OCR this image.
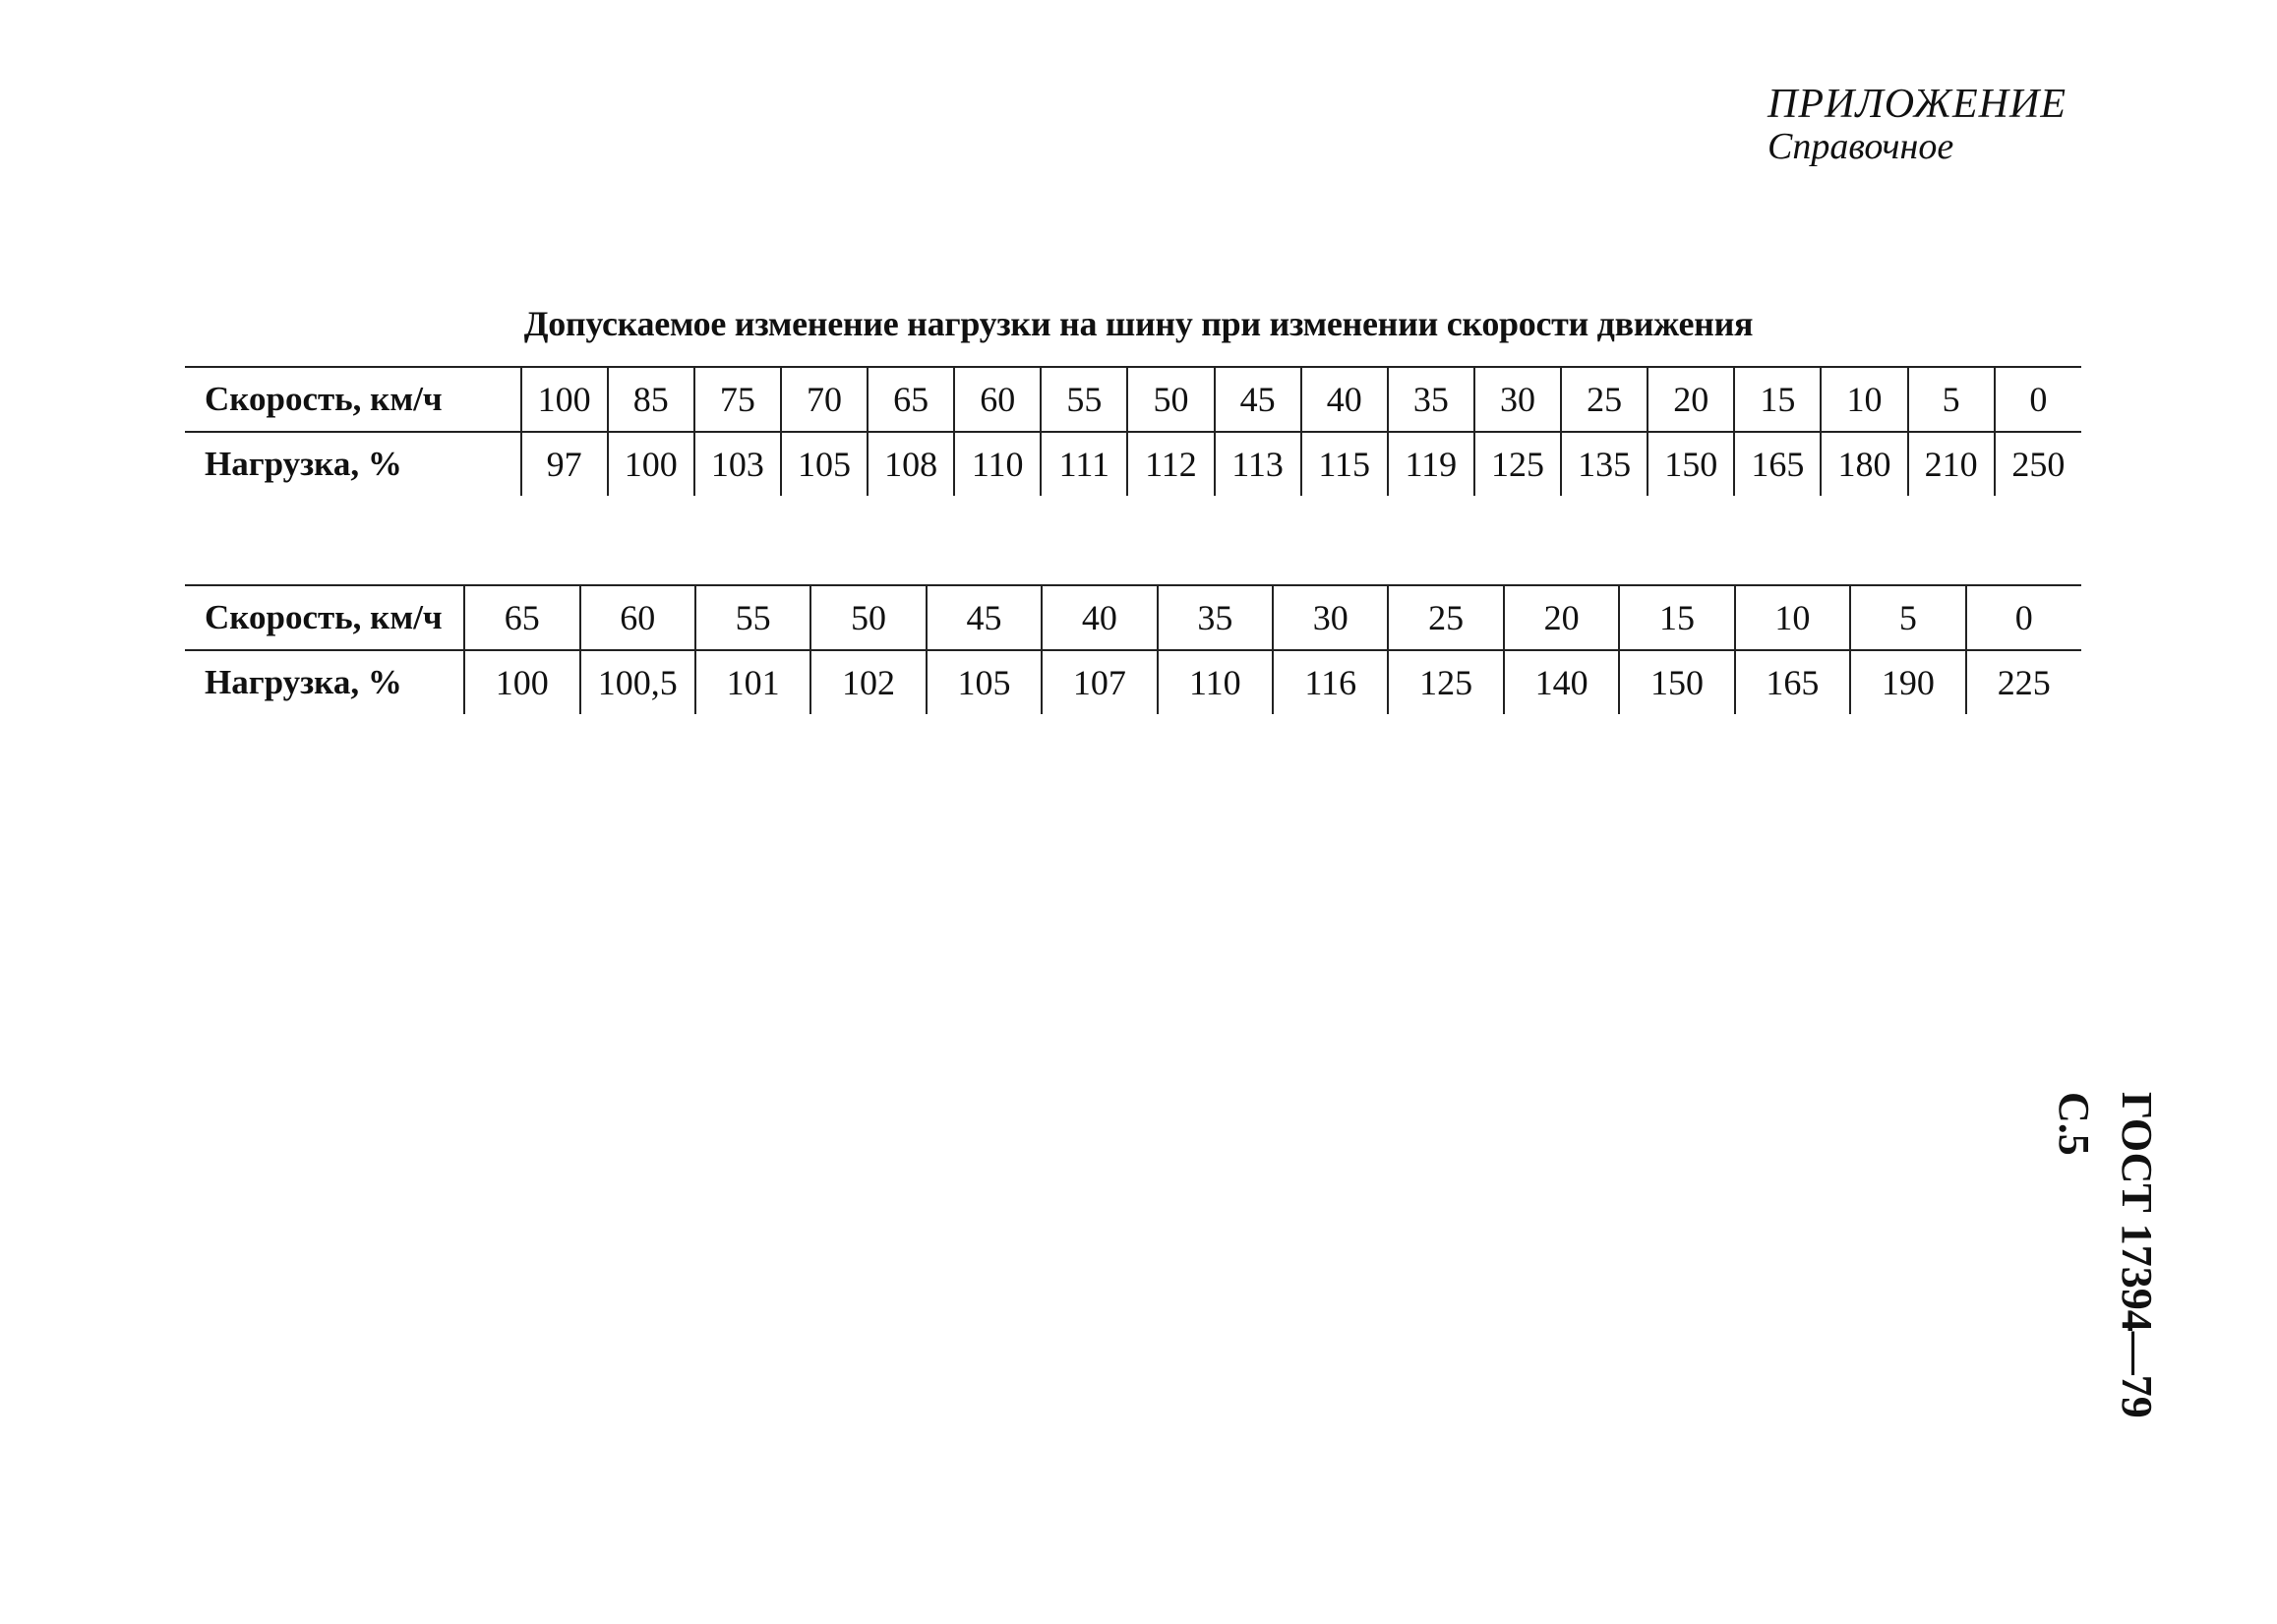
ПРИЛОЖЕНИЕ
Справочное
Допускаемое изменение нагрузки на шину при изменении скорости движения
Скорость, км/ч	100	85	75	70	65	60	55	50	45	40	35	30	25	20	15	10	5	0
Нагрузка, %	97	100	103	105	108	110	111	112	113	115	119	125	135	150	165	180	210	250
Скорость, км/ч	65	60	55	50	45	40	35	30	25	20	15	10	5	0
Нагрузка, %	100	100,5	101	102	105	107	110	116	125	140	150	165	190	225
ГОСТ 17394—79 С.5
